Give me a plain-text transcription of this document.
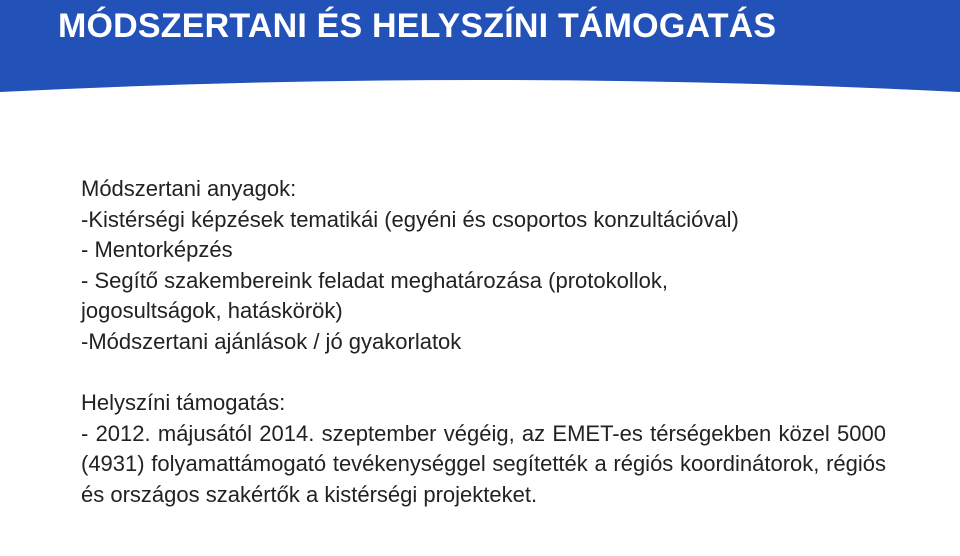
MÓDSZERTANI ÉS HELYSZÍNI TÁMOGATÁS

Módszertani anyagok:

-Kistérségi képzések tematikái (egyéni és csoportos konzultációval)

- Mentorképzés

- Segítő szakembereink feladat meghatározása (protokollok,

jogosultságok, hatáskörök)

-Módszertani ajánlások / jó gyakorlatok

Helyszíni támogatás:

- 2012. májusától 2014. szeptember végéig, az EMET-es térségekben közel 5000 (4931) folyamattámogató tevékenységgel segítették a régiós koordinátorok, régiós és országos szakértők a kistérségi projekteket.
